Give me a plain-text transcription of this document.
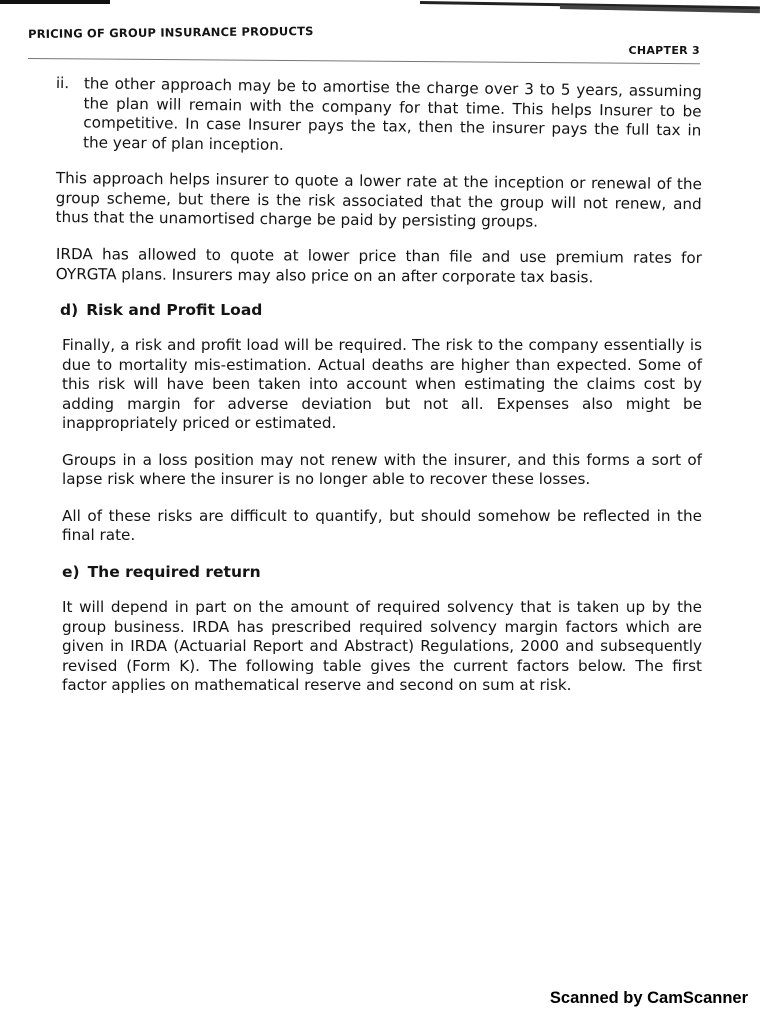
PRICING OF GROUP INSURANCE PRODUCTS
CHAPTER 3
ii. the other approach may be to amortise the charge over 3 to 5 years, assuming the plan will remain with the company for that time. This helps Insurer to be competitive. In case Insurer pays the tax, then the insurer pays the full tax in the year of plan inception.

This approach helps insurer to quote a lower rate at the inception or renewal of the group scheme, but there is the risk associated that the group will not renew, and thus that the unamortised charge be paid by persisting groups.

IRDA has allowed to quote at lower price than file and use premium rates for OYRGTA plans. Insurers may also price on an after corporate tax basis.

d) Risk and Profit Load

Finally, a risk and profit load will be required. The risk to the company essentially is due to mortality mis-estimation. Actual deaths are higher than expected. Some of this risk will have been taken into account when estimating the claims cost by adding margin for adverse deviation but not all. Expenses also might be inappropriately priced or estimated.

Groups in a loss position may not renew with the insurer, and this forms a sort of lapse risk where the insurer is no longer able to recover these losses.

All of these risks are difficult to quantify, but should somehow be reflected in the final rate.

e) The required return

It will depend in part on the amount of required solvency that is taken up by the group business. IRDA has prescribed required solvency margin factors which are given in IRDA (Actuarial Report and Abstract) Regulations, 2000 and subsequently revised (Form K). The following table gives the current factors below. The first factor applies on mathematical reserve and second on sum at risk.

Scanned by CamScanner
